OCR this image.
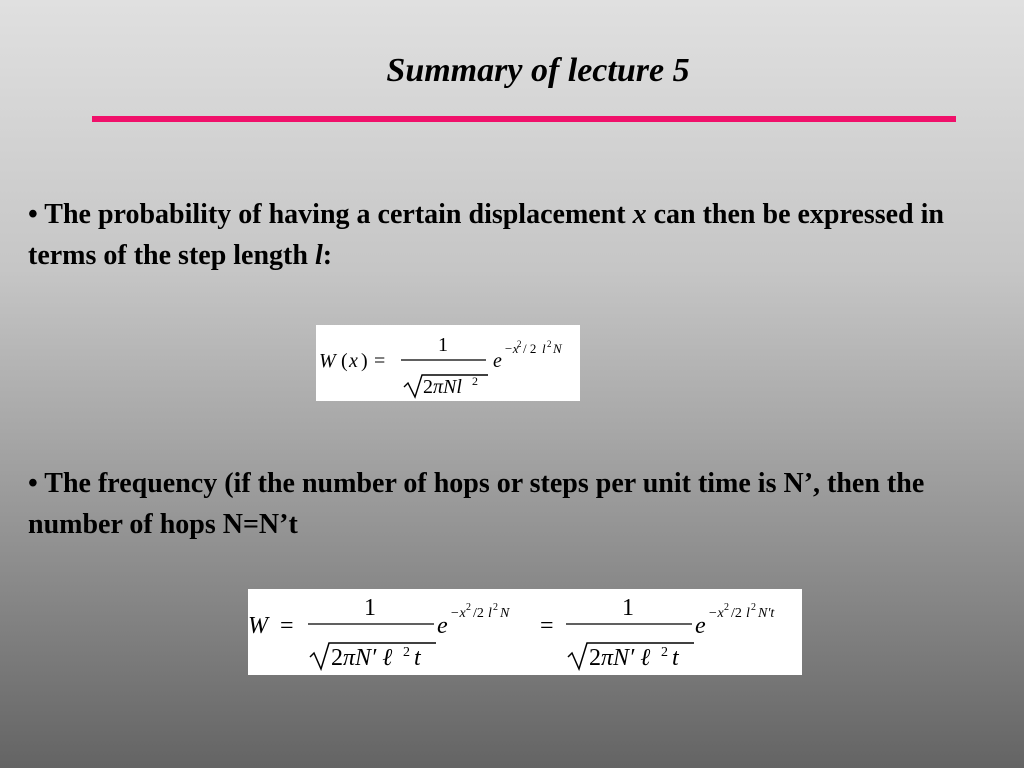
Summary of lecture 5
• The probability of having a certain displacement x can then be expressed in terms of the step length l:
W ( x ) =
1
2 πNl 2
e
−x
2 / 2 l 2 N
• The frequency (if the number of hops or steps per unit time is N’, then the number of hops N=N’t
W =
1
2 πN′ ℓ 2 t
e −x 2 /2 l 2 N =
1
2 πN′ ℓ 2 t
e −x 2 /2 l 2 N′t
